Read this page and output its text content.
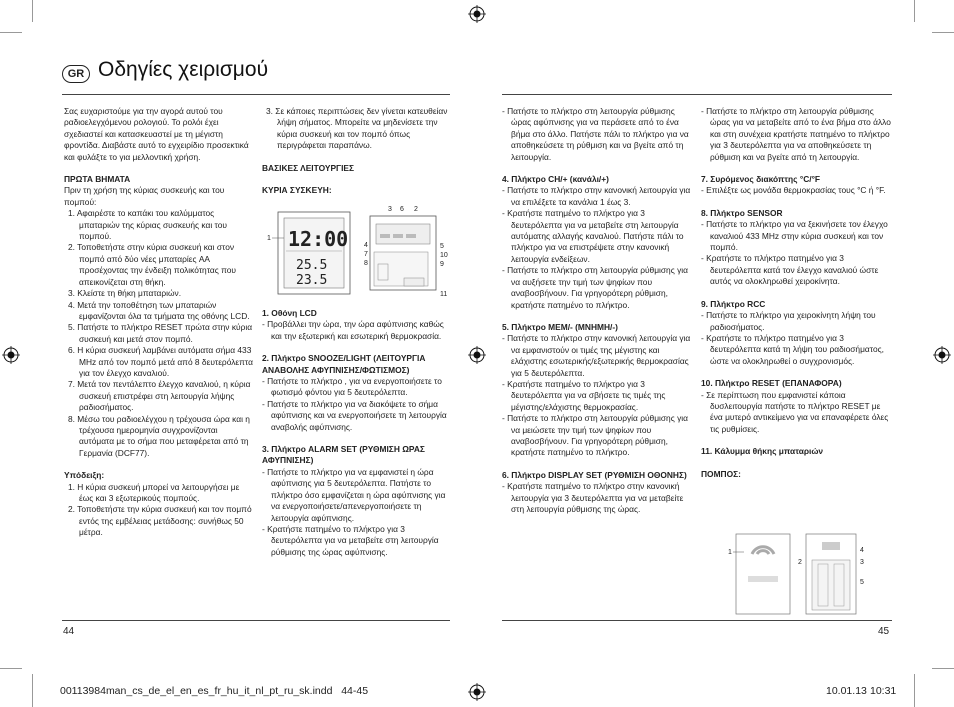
GR Οδηγίες χειρισμού

Σας ευχαριστούμε για την αγορά αυτού του ραδιοελεγχόμενου ρολογιού. Το ρολόι έχει σχεδιαστεί και κατασκευαστεί με τη μέγιστη φροντίδα. Διαβάστε αυτό το εγχειρίδιο προσεκτικά και φυλάξτε το για μελλοντική χρήση.

ΠΡΩΤΑ ΒΗΜΑΤΑ

Πριν τη χρήση της κύριας συσκευής και του πομπού:

1. Αφαιρέστε το καπάκι του καλύμματος μπαταριών της κύριας συσκευής και του πομπού.

2. Τοποθετήστε στην κύρια συσκευή και στον πομπό από δύο νέες μπαταρίες AA προσέχοντας την ένδειξη πολικότητας που απεικονίζεται στη θήκη.

3. Κλείστε τη θήκη μπαταριών.

4. Μετά την τοποθέτηση των μπαταριών εμφανίζονται όλα τα τμήματα της οθόνης LCD.

5. Πατήστε το πλήκτρο RESET πρώτα στην κύρια συσκευή και μετά στον πομπό.

6. Η κύρια συσκευή λαμβάνει αυτόματα σήμα 433 MHz από τον πομπό μετά από 8 δευτερόλεπτα για τον έλεγχο καναλιού.

7. Μετά τον πεντάλεπτο έλεγχο καναλιού, η κύρια συσκευή επιστρέφει στη λειτουργία λήψης ραδιοσήματος.

8. Μέσω του ραδιοελέγχου η τρέχουσα ώρα και η τρέχουσα ημερομηνία συγχρονίζονται αυτόματα με το σήμα που μεταφέρεται από τη Γερμανία (DCF77).

Υπόδειξη:

1. Η κύρια συσκευή μπορεί να λειτουργήσει με έως και 3 εξωτερικούς πομπούς.

2. Τοποθετήστε την κύρια συσκευή και τον πομπό εντός της εμβέλειας μετάδοσης: συνήθως 50 μέτρα.

3. Σε κάποιες περιπτώσεις δεν γίνεται κατευθείαν λήψη σήματος. Μπορείτε να μηδενίσετε την κύρια συσκευή και τον πομπό όπως περιγράφεται παραπάνω.

ΒΑΣΙΚΕΣ ΛΕΙΤΟΥΡΓΙΕΣ

ΚΥΡΙΑ ΣΥΣΚΕΥΗ:

12:00
25.5
23.5
1
3 6 2
4
7
8
5
10
9
11

1. Οθόνη LCD

- Προβάλλει την ώρα, την ώρα αφύπνισης καθώς και την εξωτερική και εσωτερική θερμοκρασία.

2. Πλήκτρο SNOOZE/LIGHT (ΛΕΙΤΟΥΡΓΙΑ ΑΝΑΒΟΛΗΣ ΑΦΥΠΝΙΣΗΣ/ΦΩΤΙΣΜΟΣ)

- Πατήστε το πλήκτρο , για να ενεργοποιήσετε το φωτισμό φόντου για 5 δευτερόλεπτα.

- Πατήστε το πλήκτρο για να διακόψετε το σήμα αφύπνισης και να ενεργοποιήσετε τη λειτουργία αναβολής αφύπνισης.

3. Πλήκτρο ALARM SET (ΡΥΘΜΙΣΗ ΩΡΑΣ ΑΦΥΠΝΙΣΗΣ)

- Πατήστε το πλήκτρο για να εμφανιστεί η ώρα αφύπνισης για 5 δευτερόλεπτα. Πατήστε το πλήκτρο όσο εμφανίζεται η ώρα αφύπνισης για να ενεργοποιήσετε/απενεργοποιήσετε τη λειτουργία αφύπνισης.

- Κρατήστε πατημένο το πλήκτρο για 3 δευτερόλεπτα για να μεταβείτε στη λειτουργία ρύθμισης της ώρας αφύπνισης.

- Πατήστε το πλήκτρο στη λειτουργία ρύθμισης ώρας αφύπνισης για να περάσετε από το ένα βήμα στο άλλο. Πατήστε πάλι το πλήκτρο για να αποθηκεύσετε τη ρύθμιση και να βγείτε από τη λειτουργία.

4. Πλήκτρο CH/+ (κανάλι/+)

- Πατήστε το πλήκτρο στην κανονική λειτουργία για να επιλέξετε τα κανάλια 1 έως 3.

- Κρατήστε πατημένο το πλήκτρο για 3 δευτερόλεπτα για να μεταβείτε στη λειτουργία αυτόματης αλλαγής καναλιού. Πατήστε πάλι το πλήκτρο για να επιστρέψετε στην κανονική λειτουργία ενδείξεων.

- Πατήστε το πλήκτρο στη λειτουργία ρύθμισης για να αυξήσετε την τιμή των ψηφίων που αναβοσβήνουν. Για γρηγορότερη ρύθμιση, κρατήστε πατημένο το πλήκτρο.

5. Πλήκτρο MEM/- (ΜΝΗΜΗ/-)

- Πατήστε το πλήκτρο στην κανονική λειτουργία για να εμφανιστούν οι τιμές της μέγιστης και ελάχιστης εσωτερικής/εξωτερικής θερμοκρασίας για 5 δευτερόλεπτα.

- Κρατήστε πατημένο το πλήκτρο για 3 δευτερόλεπτα για να σβήσετε τις τιμές της μέγιστης/ελάχιστης θερμοκρασίας.

- Πατήστε το πλήκτρο στη λειτουργία ρύθμισης για να μειώσετε την τιμή των ψηφίων που αναβοσβήνουν. Για γρηγορότερη ρύθμιση, κρατήστε πατημένο το πλήκτρο.

6. Πλήκτρο DISPLAY SET (ΡΥΘΜΙΣΗ ΟΘΟΝΗΣ)

- Κρατήστε πατημένο το πλήκτρο στην κανονική λειτουργία για 3 δευτερόλεπτα για να μεταβείτε στη λειτουργία ρύθμισης της ώρας.

- Πατήστε το πλήκτρο στη λειτουργία ρύθμισης ώρας για να μεταβείτε από το ένα βήμα στο άλλο και στη συνέχεια κρατήστε πατημένο το πλήκτρο για 3 δευτερόλεπτα για να αποθηκεύσετε τη ρύθμιση και να βγείτε από τη λειτουργία.

7. Συρόμενος διακόπτης °C/°F

- Επιλέξτε ως μονάδα θερμοκρασίας τους °C ή °F.

8. Πλήκτρο SENSOR

- Πατήστε το πλήκτρο για να ξεκινήσετε τον έλεγχο καναλιού 433 MHz στην κύρια συσκευή και τον πομπό.

- Κρατήστε το πλήκτρο πατημένο για 3 δευτερόλεπτα κατά τον έλεγχο καναλιού ώστε αυτός να ολοκληρωθεί χειροκίνητα.

9. Πλήκτρο RCC

- Πατήστε το πλήκτρο για χειροκίνητη λήψη του ραδιοσήματος.

- Κρατήστε το πλήκτρο πατημένο για 3 δευτερόλεπτα κατά τη λήψη του ραδιοσήματος, ώστε να ολοκληρωθεί ο συγχρονισμός.

10. Πλήκτρο RESET (ΕΠΑΝΑΦΟΡΑ)

- Σε περίπτωση που εμφανιστεί κάποια δυσλειτουργία πατήστε το πλήκτρο RESET με ένα μυτερό αντικείμενο για να επαναφέρετε όλες τις ρυθμίσεις.

11. Κάλυμμα θήκης μπαταριών

ΠΟΜΠΟΣ:

1
2
4
3
5
44	45
00113984man_cs_de_el_en_es_fr_hu_it_nl_pt_ru_sk.indd   44-45	10.01.13 10:31
